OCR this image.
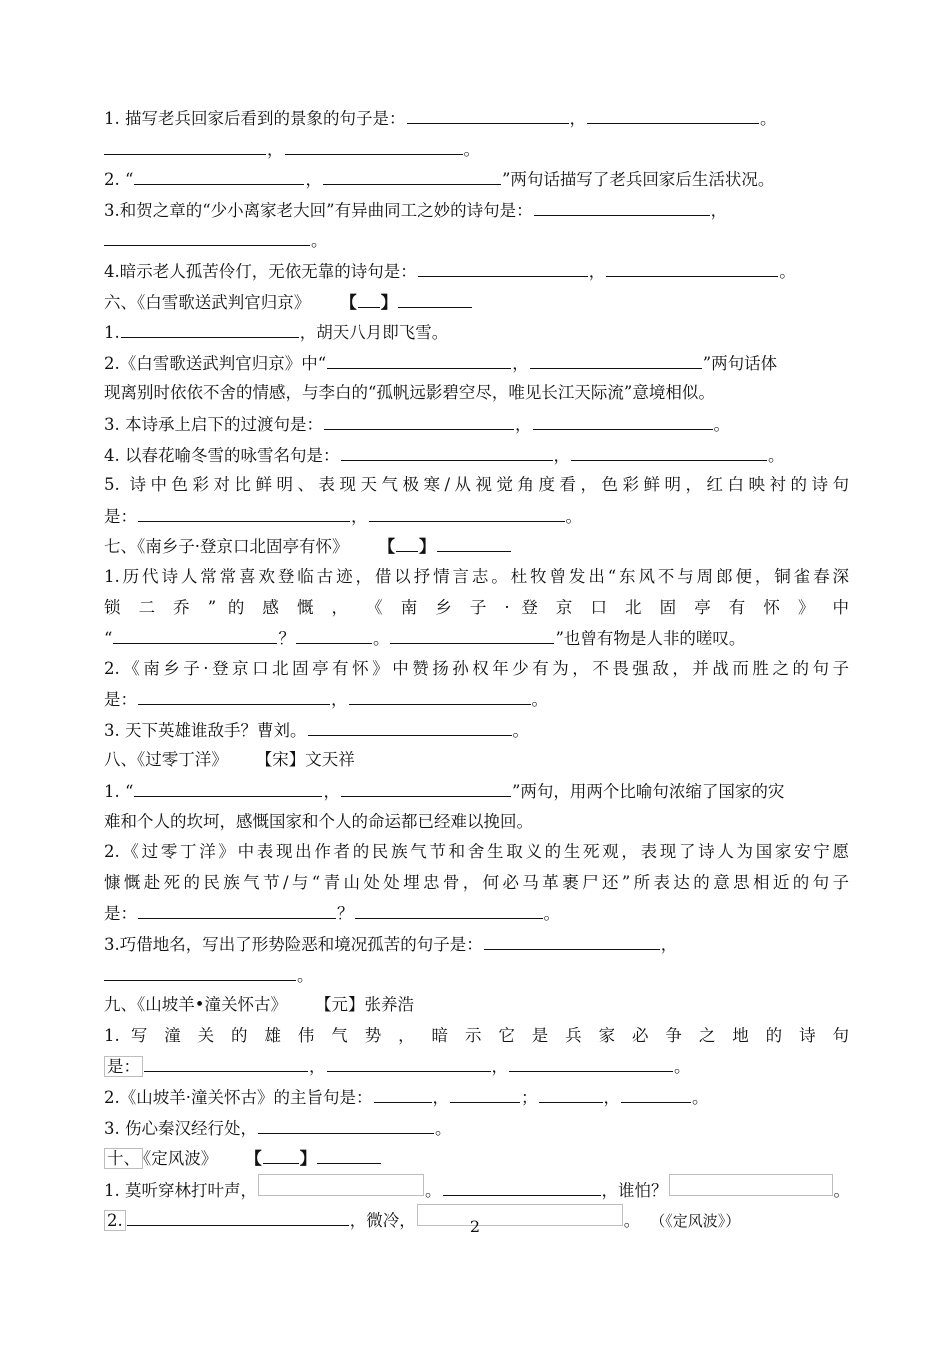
1. 描写老兵回家后看到的景象的句子是：	，	。
，	。
2. “	，	”两句话描写了老兵回家后生活状况。
3.和贺之章的“少小离家老大回”有异曲同工之妙的诗句是：	，
。
4.暗示老人孤苦伶仃，无依无靠的诗句是：	，	。
六、《白雪歌送武判官归京》 【 】
1.	，胡天八月即飞雪。
2.《白雪歌送武判官归京》中“	，	”两句话体
现离别时依依不舍的情感，与李白的“孤帆远影碧空尽，唯见长江天际流”意境相似。
3. 本诗承上启下的过渡句是：	，	。
4. 以春花喻冬雪的咏雪名句是：	，	。
5. 诗中色彩对比鲜明、表现天气极寒/从视觉角度看，色彩鲜明，红白映衬的诗句
是：	，	。
七、《南乡子·登京口北固亭有怀》 【 】
1.历代诗人常常喜欢登临古迹，借以抒情言志。杜牧曾发出“东风不与周郎便，铜雀春深
锁 二 乔 ” 的 感 慨 ， 《 南 乡 子 · 登 京 口 北 固 亭 有 怀 》 中
“	？	。	”也曾有物是人非的嗟叹。
2.《南乡子·登京口北固亭有怀》中赞扬孙权年少有为，不畏强敌，并战而胜之的句子
是：	，	。
3. 天下英雄谁敌手？曹刘。	。
八、《过零丁洋》 【宋】文天祥
1. “	，	”两句，用两个比喻句浓缩了国家的灾
难和个人的坎坷，感慨国家和个人的命运都已经难以挽回。
2.《过零丁洋》中表现出作者的民族气节和舍生取义的生死观，表现了诗人为国家安宁愿
慷慨赴死的民族气节/与“青山处处埋忠骨，何必马革裹尸还”所表达的意思相近的句子
是：	？	。
3.巧借地名，写出了形势险恶和境况孤苦的句子是：	，
。
九、《山坡羊•潼关怀古》 【元】张养浩
1. 写 潼 关 的 雄 伟 气 势 ， 暗 示 它 是 兵 家 必 争 之 地 的 诗 句
是：	，	，	。
2.《山坡羊·潼关怀古》的主旨句是：	，	；	，	。
3. 伤心秦汉经行处，	。
十、 《定风波》 【 】
1. 莫听穿林打叶声，	。	，谁怕？	。
2.	，微冷，	。 （《定风波》）
2
